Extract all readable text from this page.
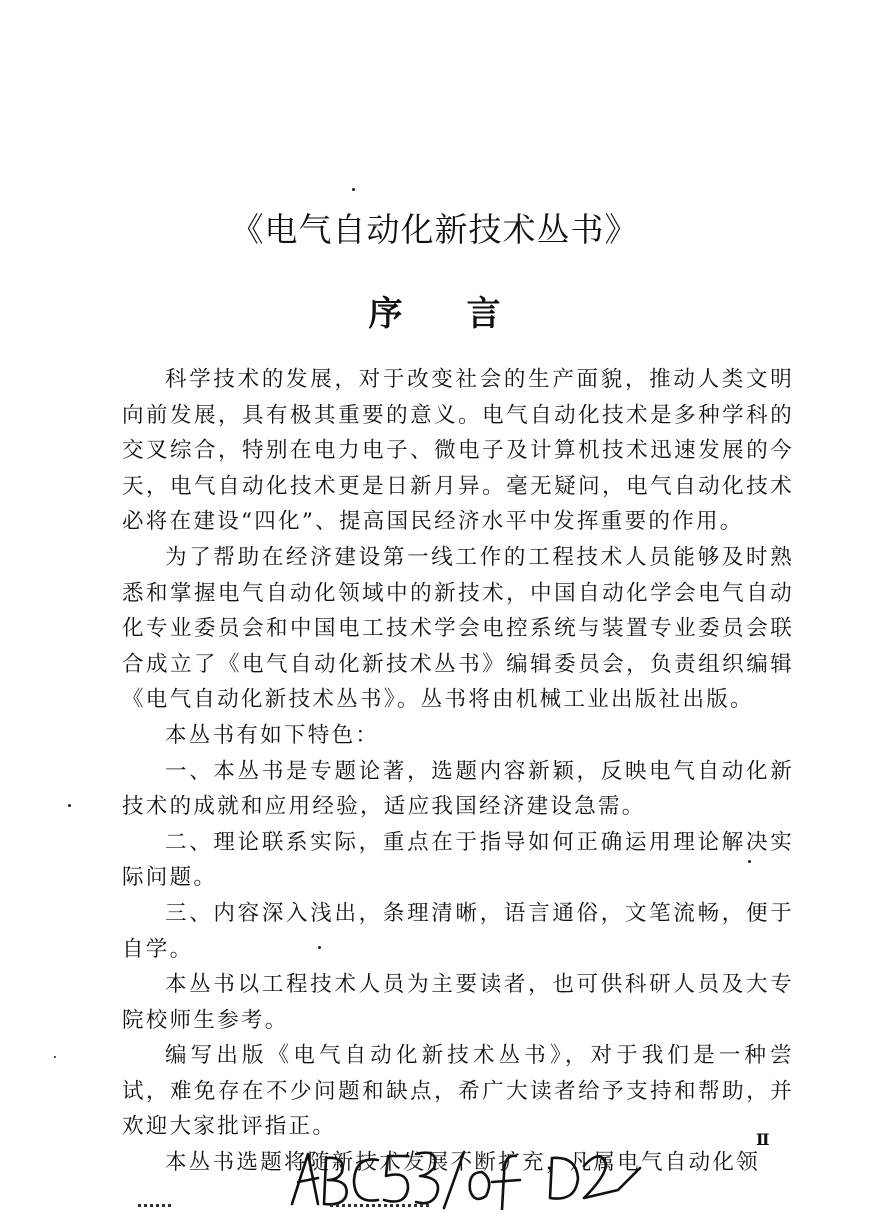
《电气自动化新技术丛书》
序言

科学技术的发展，对于改变社会的生产面貌，推动人类文明向前发展，具有极其重要的意义。电气自动化技术是多种学科的交叉综合，特别在电力电子、微电子及计算机技术迅速发展的今天，电气自动化技术更是日新月异。毫无疑问，电气自动化技术必将在建设“四化”、提高国民经济水平中发挥重要的作用。

为了帮助在经济建设第一线工作的工程技术人员能够及时熟悉和掌握电气自动化领域中的新技术，中国自动化学会电气自动化专业委员会和中国电工技术学会电控系统与装置专业委员会联合成立了《电气自动化新技术丛书》编辑委员会，负责组织编辑《电气自动化新技术丛书》。丛书将由机械工业出版社出版。

本丛书有如下特色：

一、本丛书是专题论著，选题内容新颖，反映电气自动化新技术的成就和应用经验，适应我国经济建设急需。

二、理论联系实际，重点在于指导如何正确运用理论解决实际问题。

三、内容深入浅出，条理清晰，语言通俗，文笔流畅，便于自学。

本丛书以工程技术人员为主要读者，也可供科研人员及大专院校师生参考。

编写出版《电气自动化新技术丛书》，对于我们是一种尝试，难免存在不少问题和缺点，希广大读者给予支持和帮助，并欢迎大家批评指正。

本丛书选题将随新技术发展不断扩充，凡属电气自动化领

Ⅱ
